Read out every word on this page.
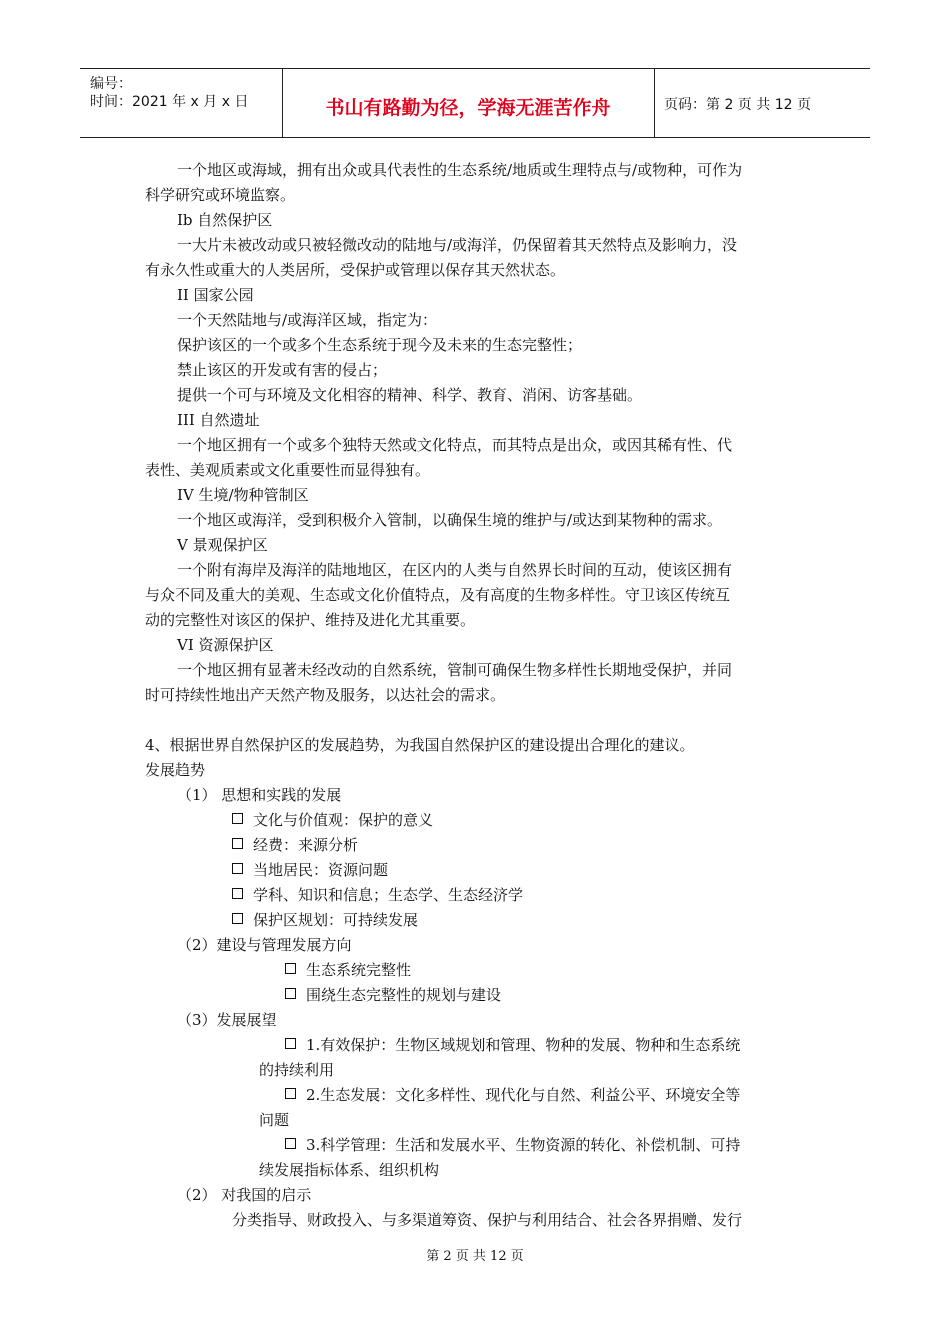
编号：
时间：2021 年 x 月 x 日	书山有路勤为径，学海无涯苦作舟	页码：第 2 页 共 12 页
一个地区或海域，拥有出众或具代表性的生态系统/地质或生理特点与/或物种，可作为
科学研究或环境监察。
Ib 自然保护区
一大片未被改动或只被轻微改动的陆地与/或海洋，仍保留着其天然特点及影响力，没
有永久性或重大的人类居所，受保护或管理以保存其天然状态。
II 国家公园
一个天然陆地与/或海洋区域，指定为：
保护该区的一个或多个生态系统于现今及未来的生态完整性；
禁止该区的开发或有害的侵占；
提供一个可与环境及文化相容的精神、科学、教育、消闲、访客基础。
III 自然遗址
一个地区拥有一个或多个独特天然或文化特点，而其特点是出众，或因其稀有性、代
表性、美观质素或文化重要性而显得独有。
IV 生境/物种管制区
一个地区或海洋，受到积极介入管制，以确保生境的维护与/或达到某物种的需求。
V 景观保护区
一个附有海岸及海洋的陆地地区，在区内的人类与自然界长时间的互动，使该区拥有
与众不同及重大的美观、生态或文化价值特点，及有高度的生物多样性。守卫该区传统互
动的完整性对该区的保护、维持及进化尤其重要。
VI 资源保护区
一个地区拥有显著未经改动的自然系统，管制可确保生物多样性长期地受保护，并同
时可持续性地出产天然产物及服务，以达社会的需求。
4、根据世界自然保护区的发展趋势，为我国自然保护区的建设提出合理化的建议。
发展趋势
（1） 思想和实践的发展
文化与价值观：保护的意义
经费：来源分析
当地居民：资源问题
学科、知识和信息；生态学、生态经济学
保护区规划：可持续发展
（2）建设与管理发展方向
生态系统完整性
围绕生态完整性的规划与建设
（3）发展展望
1.有效保护：生物区域规划和管理、物种的发展、物种和生态系统
的持续利用
2.生态发展：文化多样性、现代化与自然、利益公平、环境安全等
问题
3.科学管理：生活和发展水平、生物资源的转化、补偿机制、可持
续发展指标体系、组织机构
（2） 对我国的启示
分类指导、财政投入、与多渠道筹资、保护与利用结合、社会各界捐赠、发行
第 2 页 共 12 页
